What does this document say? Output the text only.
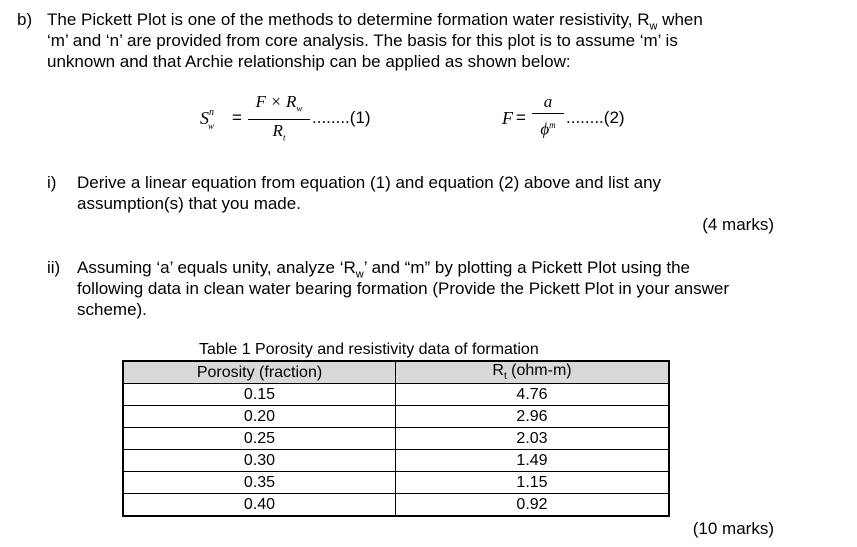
b) The Pickett Plot is one of the methods to determine formation water resistivity, $R_w$ when
‘m’ and ‘n’ are provided from core analysis. The basis for this plot is to assume ‘m’ is
unknown and that Archie relationship can be applied as shown below:
$S^n_w$	=
$F \times R_w$
$R_t$
........(1)	F =
a
$\phi^m$ ........(2)
i) Derive a linear equation from equation (1) and equation (2) above and list any
assumption(s) that you made.
(4 marks)
ii) Assuming ‘a’ equals unity, analyze ‘$R_w$’ and “m” by plotting a Pickett Plot using the
following data in clean water bearing formation (Provide the Pickett Plot in your answer
scheme).
Table 1 Porosity and resistivity data of formation
Porosity (fraction)	$R_t$ (ohm-m)
0.15	4.76
0.20	2.96
0.25	2.03
0.30	1.49
0.35	1.15
0.40	0.92
(10 marks)
